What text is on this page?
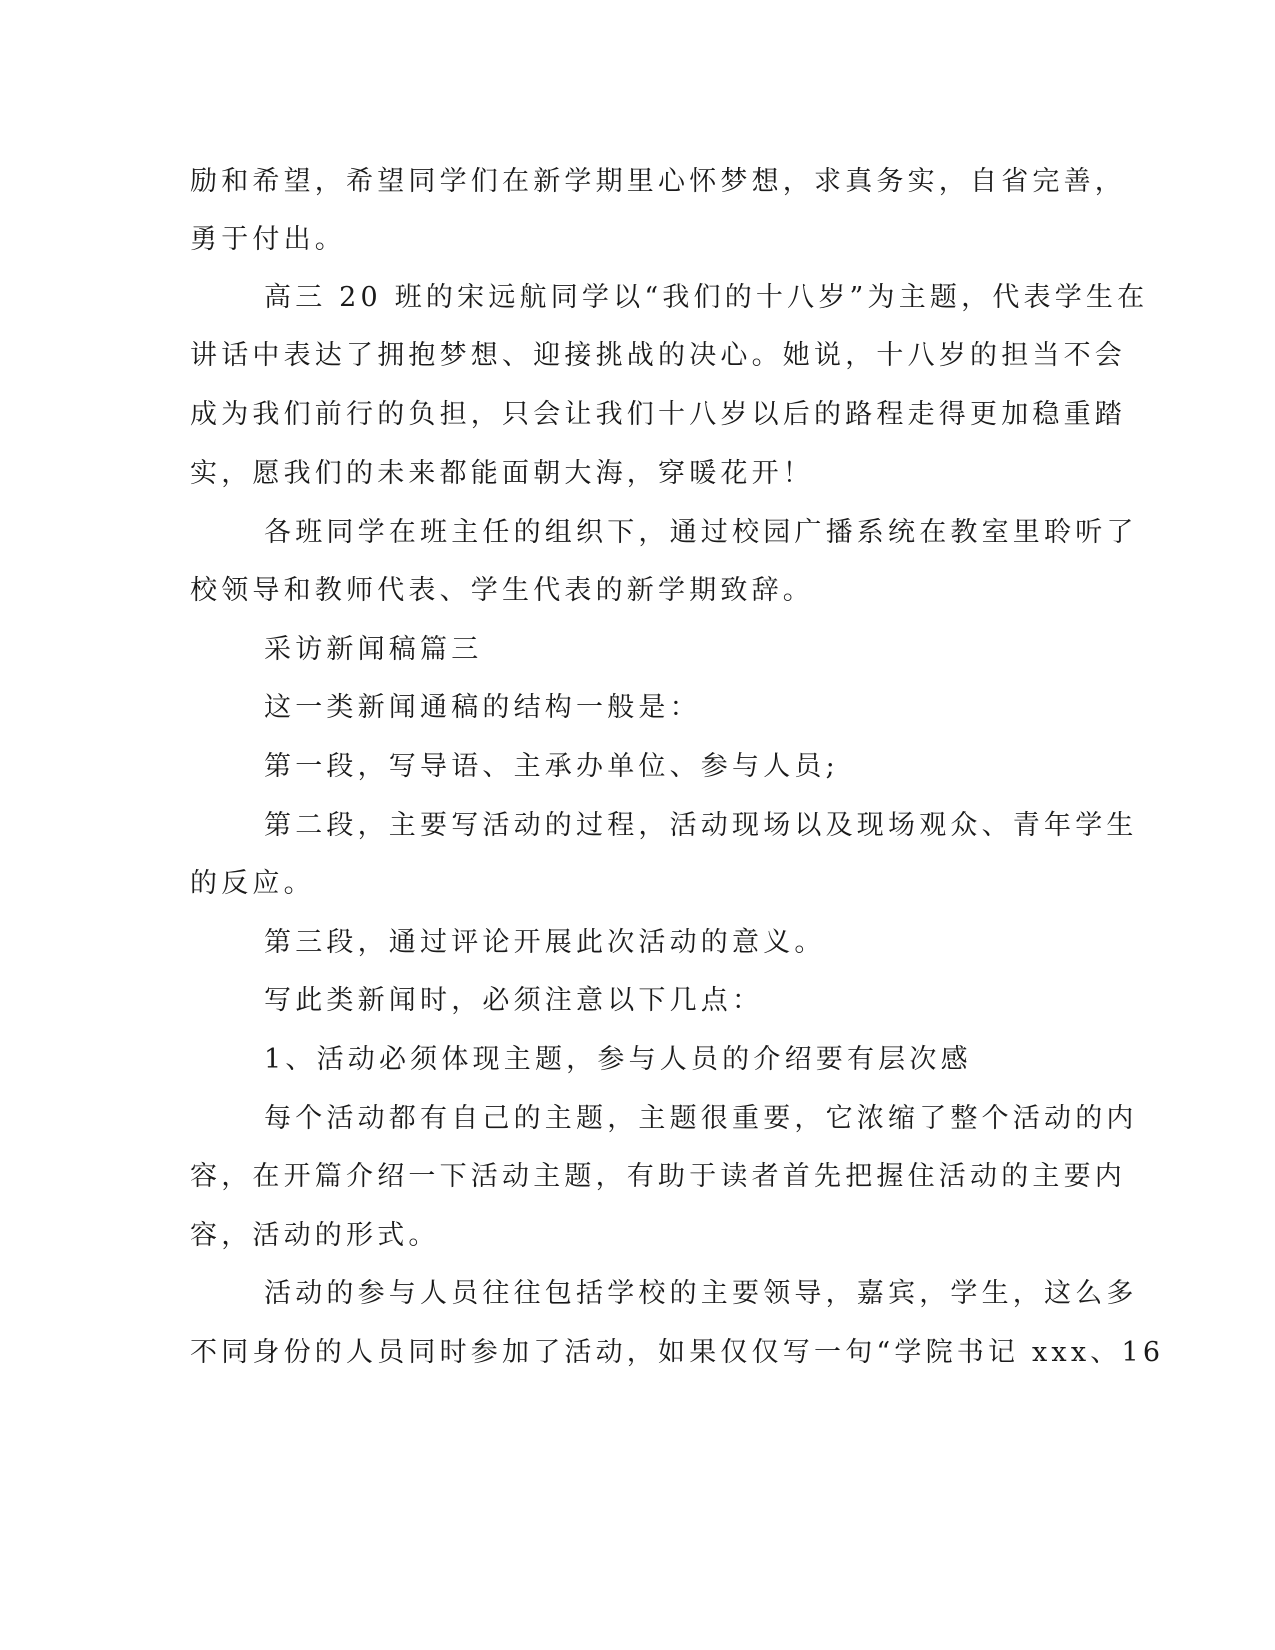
励和希望，希望同学们在新学期里心怀梦想，求真务实，自省完善，
勇于付出。
高三 20 班的宋远航同学以“我们的十八岁”为主题，代表学生在
讲话中表达了拥抱梦想、迎接挑战的决心。她说，十八岁的担当不会
成为我们前行的负担，只会让我们十八岁以后的路程走得更加稳重踏
实，愿我们的未来都能面朝大海，穿暖花开！
各班同学在班主任的组织下，通过校园广播系统在教室里聆听了
校领导和教师代表、学生代表的新学期致辞。
采访新闻稿篇三
这一类新闻通稿的结构一般是：
第一段，写导语、主承办单位、参与人员;
第二段，主要写活动的过程，活动现场以及现场观众、青年学生
的反应。
第三段，通过评论开展此次活动的意义。
写此类新闻时，必须注意以下几点：
1、活动必须体现主题，参与人员的介绍要有层次感
每个活动都有自己的主题，主题很重要，它浓缩了整个活动的内
容，在开篇介绍一下活动主题，有助于读者首先把握住活动的主要内
容，活动的形式。
活动的参与人员往往包括学校的主要领导，嘉宾，学生，这么多
不同身份的人员同时参加了活动，如果仅仅写一句“学院书记 xxx、16
